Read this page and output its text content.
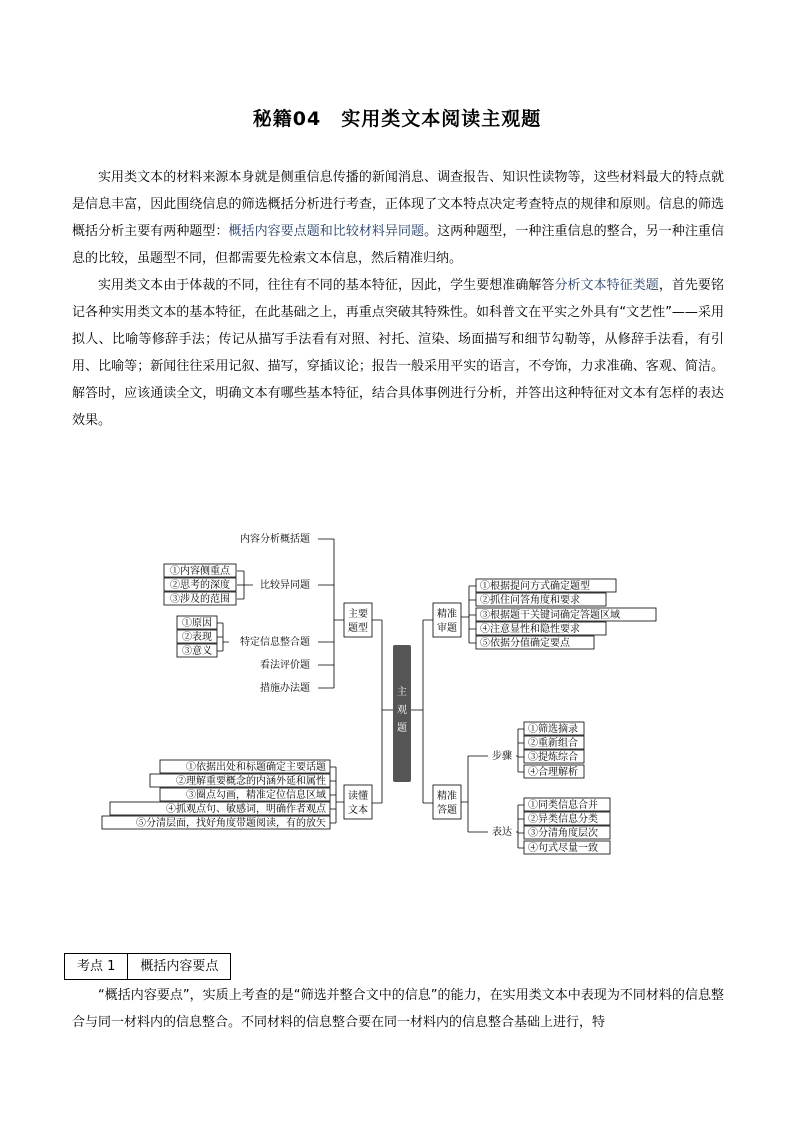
秘籍04　实用类文本阅读主观题
实用类文本的材料来源本身就是侧重信息传播的新闻消息、调查报告、知识性读物等，这些材料最大的特点就是信息丰富，因此围绕信息的筛选概括分析进行考查，正体现了文本特点决定考查特点的规律和原则。信息的筛选概括分析主要有两种题型：概括内容要点题和比较材料异同题。这两种题型，一种注重信息的整合，另一种注重信息的比较，虽题型不同，但都需要先检索文本信息，然后精准归纳。
实用类文本由于体裁的不同，往往有不同的基本特征，因此，学生要想准确解答分析文本特征类题，首先要铭记各种实用类文本的基本特征，在此基础之上，再重点突破其特殊性。如科普文在平实之外具有“文艺性”——采用拟人、比喻等修辞手法；传记从描写手法看有对照、衬托、渲染、场面描写和细节勾勒等，从修辞手法看，有引用、比喻等；新闻往往采用记叙、描写，穿插议论；报告一般采用平实的语言，不夸饰，力求准确、客观、简洁。解答时，应该通读全文，明确文本有哪些基本特征，结合具体事例进行分析，并答出这种特征对文本有怎样的表达效果。
主
观
题
主要
题型
内容分析概括题
比较异同题
特定信息整合题
看法评价题
措施办法题
①内容侧重点
②思考的深度
③涉及的范围
①原因
②表现
③意义
读懂
文本
①依据出处和标题确定主要话题
②理解重要概念的内涵外延和属性
③圈点勾画，精准定位信息区域
④抓观点句、敏感词，明确作者观点
⑤分清层面，找好角度带题阅读，有的放矢
精准
审题
①根据提问方式确定题型
②抓住问答角度和要求
③根据题干关键词确定答题区域
④注意显性和隐性要求
⑤依据分值确定要点
精准
答题
步骤
表达
①筛选摘录
②重新组合
③提炼综合
④合理解析
①同类信息合并
②异类信息分类
③分清角度层次
④句式尽量一致
考点 1	概括内容要点
“概括内容要点”，实质上考查的是“筛选并整合文中的信息”的能力，在实用类文本中表现为不同材料的信息整合与同一材料内的信息整合。不同材料的信息整合要在同一材料内的信息整合基础上进行，特
